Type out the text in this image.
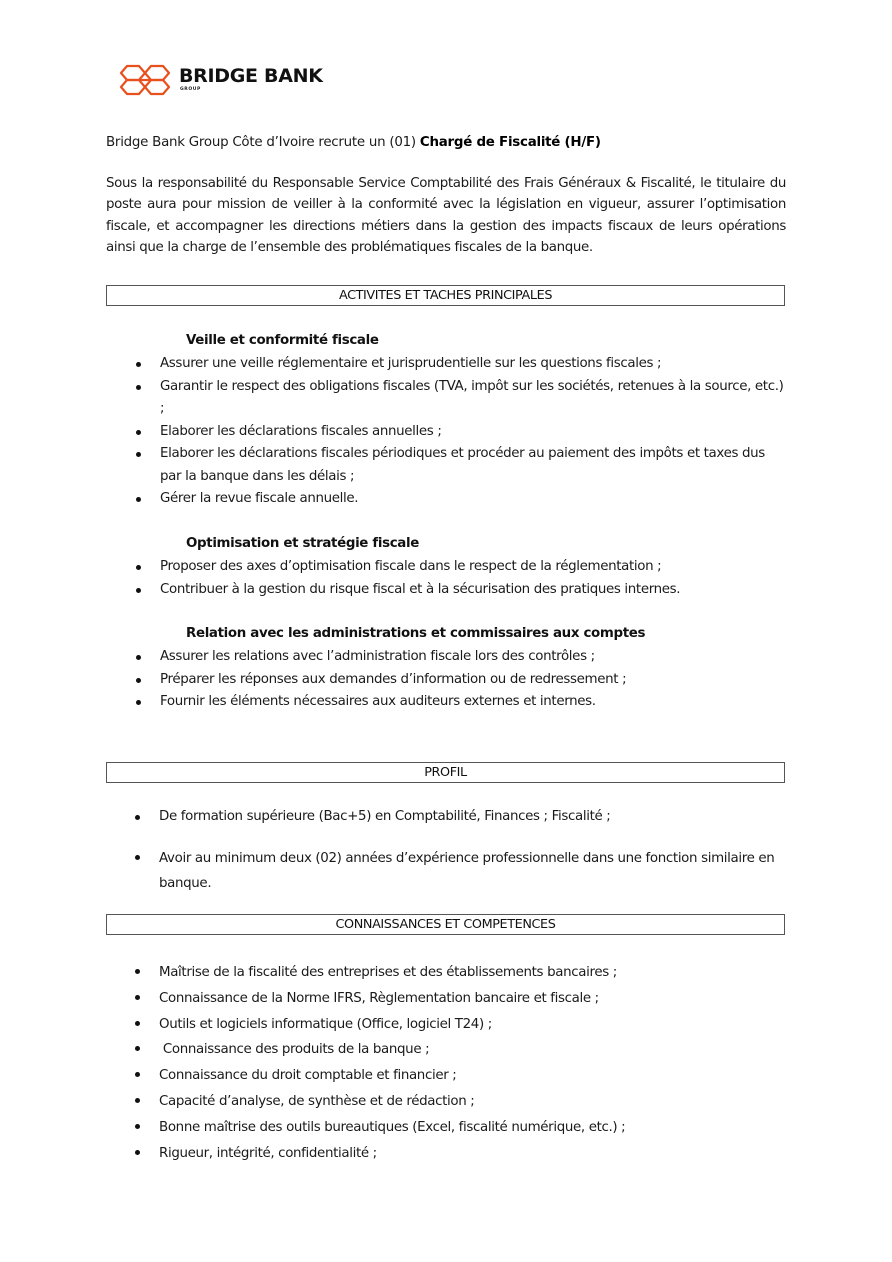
BRIDGE BANK
GROUP
Bridge Bank Group Côte d’Ivoire recrute un (01) Chargé de Fiscalité (H/F)
Sous la responsabilité du Responsable Service Comptabilité des Frais Généraux & Fiscalité, le titulaire du poste aura pour mission de veiller à la conformité avec la législation en vigueur, assurer l’optimisation fiscale, et accompagner les directions métiers dans la gestion des impacts fiscaux de leurs opérations ainsi que la charge de l’ensemble des problématiques fiscales de la banque.
ACTIVITES ET TACHES PRINCIPALES
Veille et conformité fiscale
Assurer une veille réglementaire et jurisprudentielle sur les questions fiscales ;
Garantir le respect des obligations fiscales (TVA, impôt sur les sociétés, retenues à la source, etc.) ;
Elaborer les déclarations fiscales annuelles ;
Elaborer les déclarations fiscales périodiques et procéder au paiement des impôts et taxes dus par la banque dans les délais ;
Gérer la revue fiscale annuelle.
Optimisation et stratégie fiscale
Proposer des axes d’optimisation fiscale dans le respect de la réglementation ;
Contribuer à la gestion du risque fiscal et à la sécurisation des pratiques internes.
Relation avec les administrations et commissaires aux comptes
Assurer les relations avec l’administration fiscale lors des contrôles ;
Préparer les réponses aux demandes d’information ou de redressement ;
Fournir les éléments nécessaires aux auditeurs externes et internes.
PROFIL
De formation supérieure (Bac+5) en Comptabilité, Finances ; Fiscalité ;
Avoir au minimum deux (02) années d’expérience professionnelle dans une fonction similaire en banque.
CONNAISSANCES ET COMPETENCES
Maîtrise de la fiscalité des entreprises et des établissements bancaires ;
Connaissance de la Norme IFRS, Règlementation bancaire et fiscale ;
Outils et logiciels informatique (Office, logiciel T24) ;
Connaissance des produits de la banque ;
Connaissance du droit comptable et financier ;
Capacité d’analyse, de synthèse et de rédaction ;
Bonne maîtrise des outils bureautiques (Excel, fiscalité numérique, etc.) ;
Rigueur, intégrité, confidentialité ;
